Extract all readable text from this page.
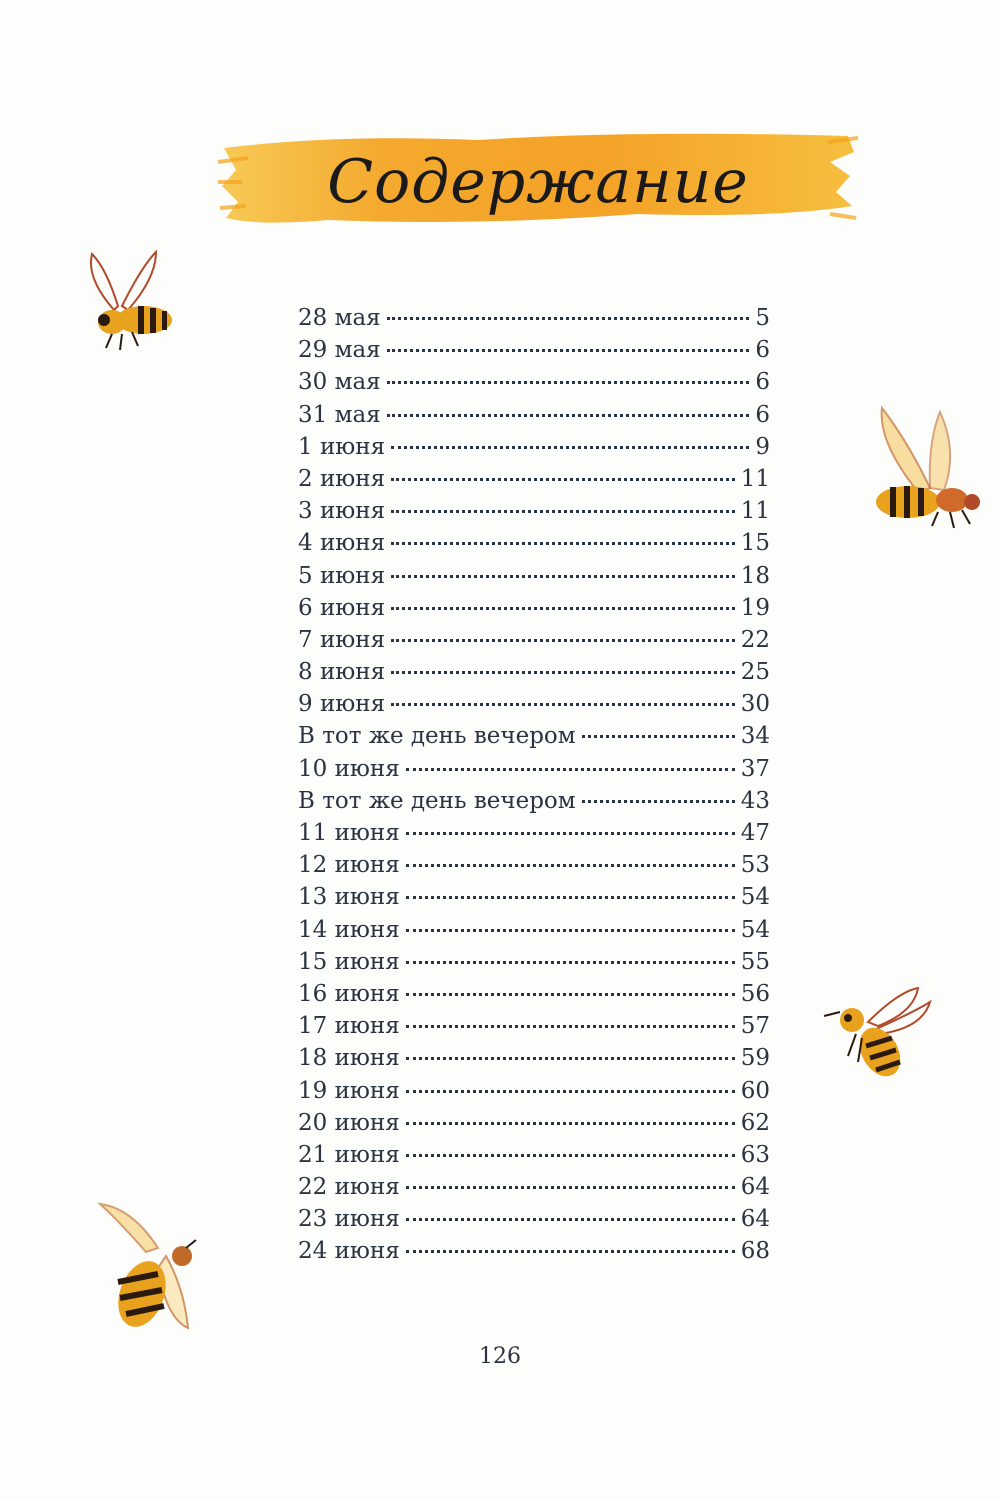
Содержание
28 мая	5
29 мая	6
30 мая	6
31 мая	6
1 июня	9
2 июня	11
3 июня	11
4 июня	15
5 июня	18
6 июня	19
7 июня	22
8 июня	25
9 июня	30
В тот же день вечером	34
10 июня	37
В тот же день вечером	43
11 июня	47
12 июня	53
13 июня	54
14 июня	54
15 июня	55
16 июня	56
17 июня	57
18 июня	59
19 июня	60
20 июня	62
21 июня	63
22 июня	64
23 июня	64
24 июня	68
126
